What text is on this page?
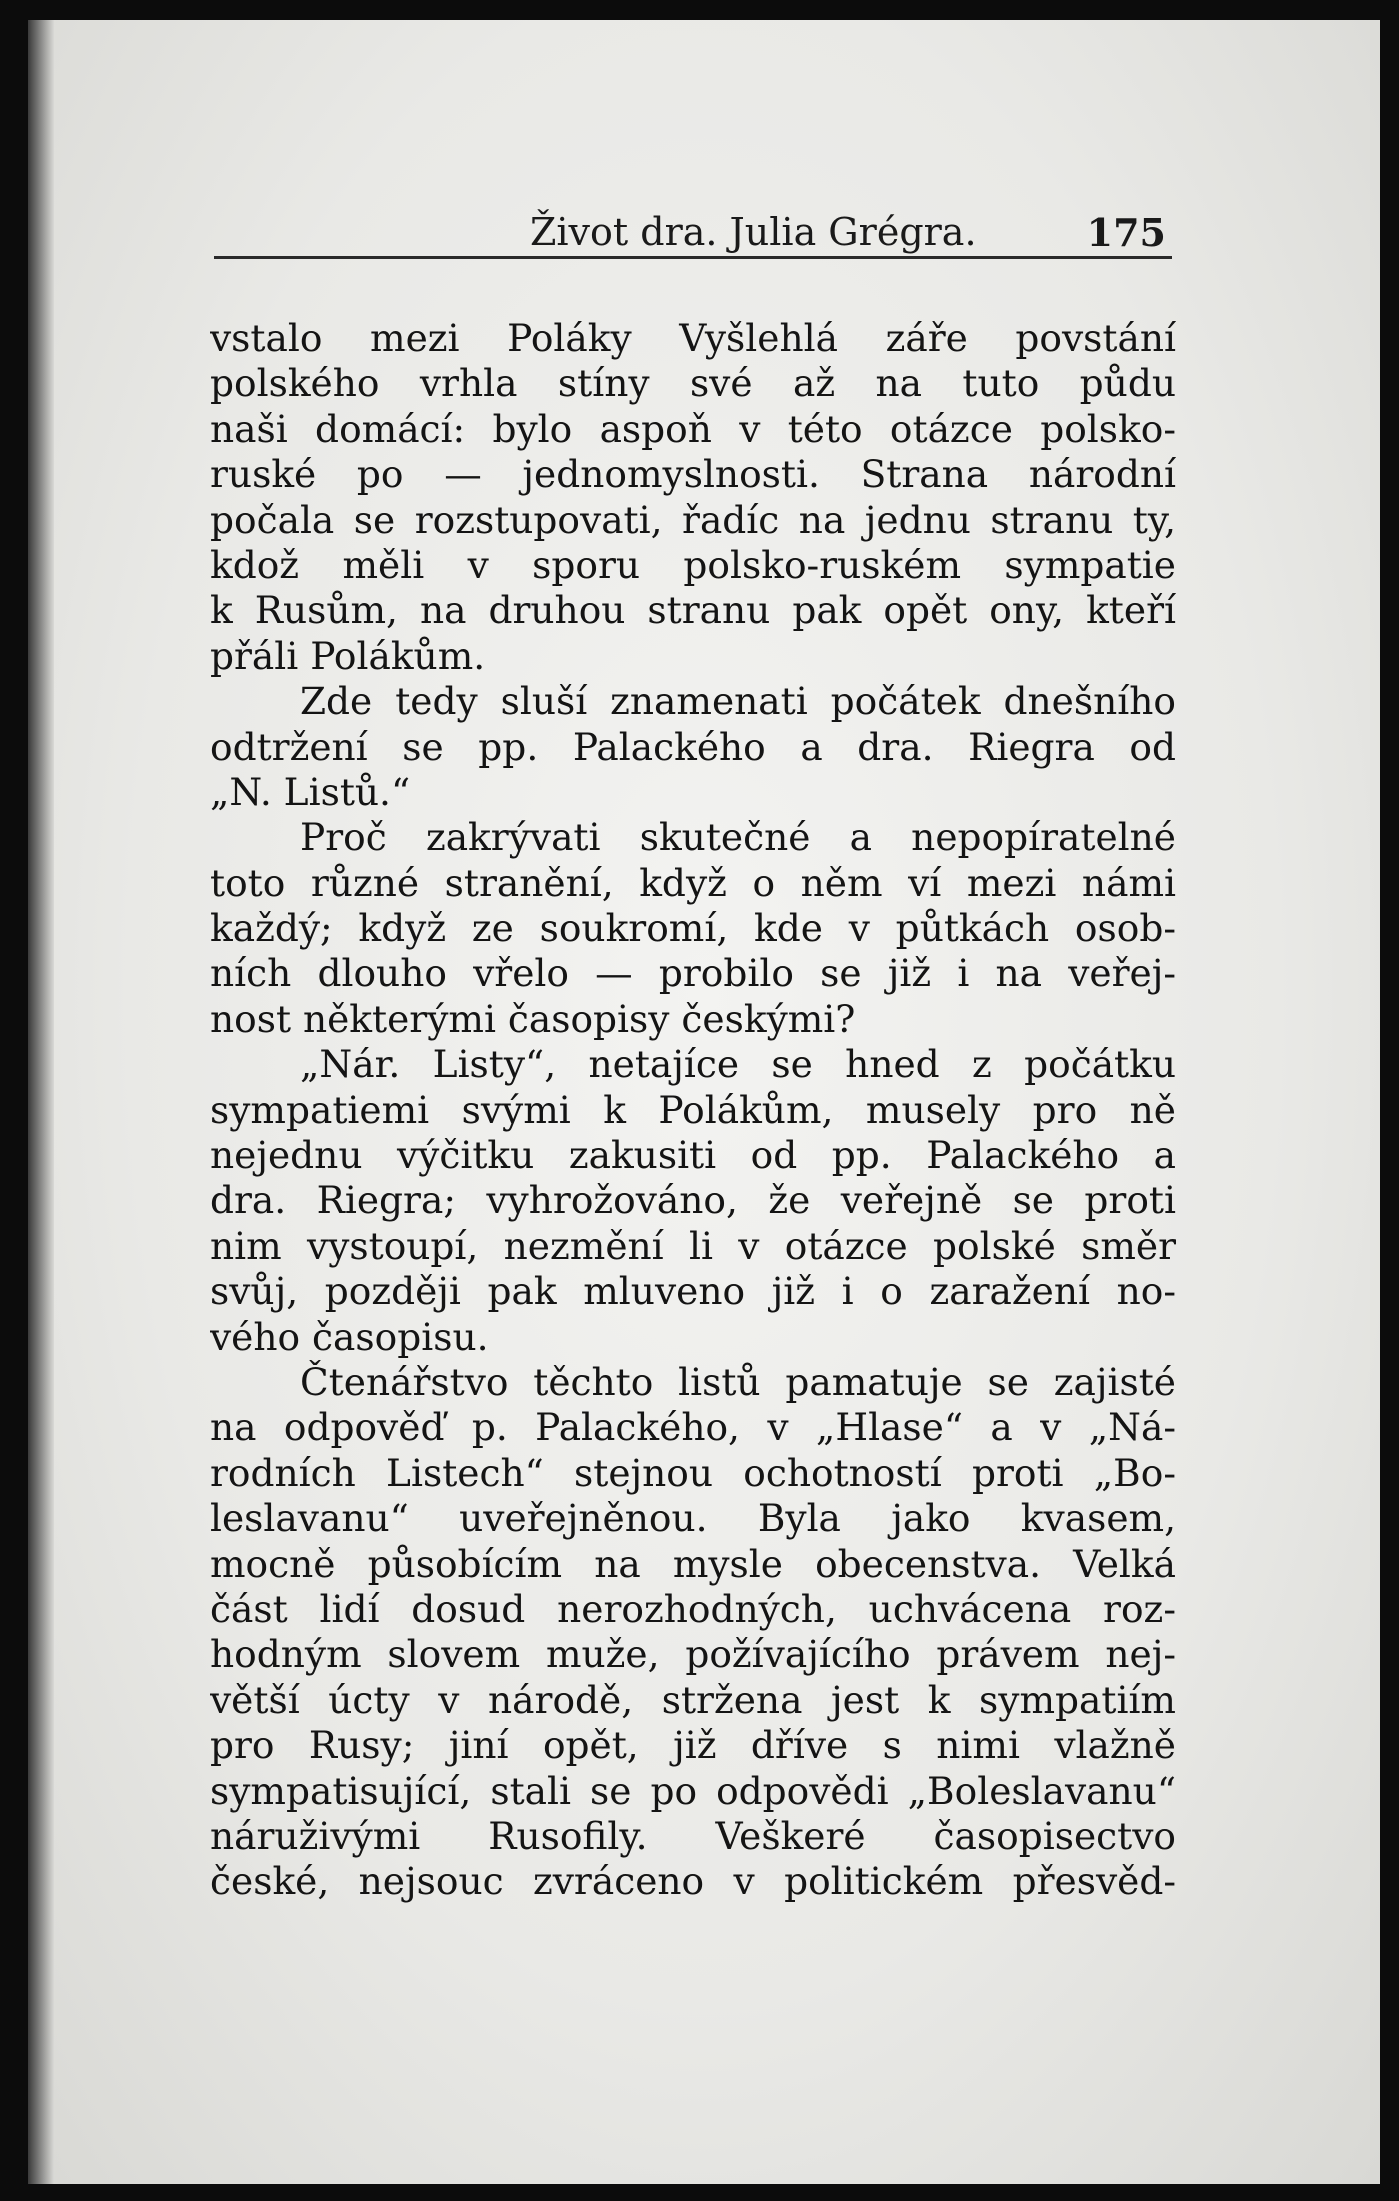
Život dra. Julia Grégra.	175
vstalo mezi Poláky Vyšlehlá záře povstání
polského vrhla stíny své až na tuto půdu
naši domácí: bylo aspoň v této otázce polsko-
ruské po — jednomyslnosti. Strana národní
počala se rozstupovati, řadíc na jednu stranu ty,
kdož měli v sporu polsko-ruském sympatie
k Rusům, na druhou stranu pak opět ony, kteří
přáli Polákům.
Zde tedy sluší znamenati počátek dnešního
odtržení se pp. Palackého a dra. Riegra od
„N. Listů.“
Proč zakrývati skutečné a nepopíratelné
toto různé stranění, když o něm ví mezi námi
každý; když ze soukromí, kde v půtkách osob-
ních dlouho vřelo — probilo se již i na veřej-
nost některými časopisy českými?
„Nár. Listy“, netajíce se hned z počátku
sympatiemi svými k Polákům, musely pro ně
nejednu výčitku zakusiti od pp. Palackého a
dra. Riegra; vyhrožováno, že veřejně se proti
nim vystoupí, nezmění li v otázce polské směr
svůj, později pak mluveno již i o zaražení no-
vého časopisu.
Čtenářstvo těchto listů pamatuje se zajisté
na odpověď p. Palackého, v „Hlase“ a v „Ná-
rodních Listech“ stejnou ochotností proti „Bo-
leslavanu“ uveřejněnou. Byla jako kvasem,
mocně působícím na mysle obecenstva. Velká
část lidí dosud nerozhodných, uchvácena roz-
hodným slovem muže, požívajícího právem nej-
větší úcty v národě, stržena jest k sympatiím
pro Rusy; jiní opět, již dříve s nimi vlažně
sympatisující, stali se po odpovědi „Boleslavanu“
náruživými Rusofily. Veškeré časopisectvo
české, nejsouc zvráceno v politickém přesvěd-
